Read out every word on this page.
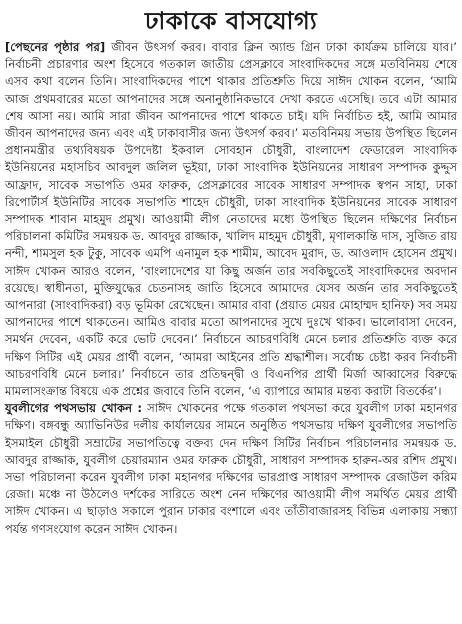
ঢাকাকে বাসযোগ্য

[পেছনের পৃষ্ঠার পর] জীবন উৎসর্গ করব। বাবার ক্লিন অ্যান্ড গ্রিন ঢাকা কার্যক্রম চালিয়ে যাব।’ নির্বাচনী প্রচারণার অংশ হিসেবে গতকাল জাতীয় প্রেসক্লাবে সাংবাদিকদের সঙ্গে মতবিনিময় শেষে এসব কথা বলেন তিনি। সাংবাদিকদের পাশে থাকার প্রতিশ্রুতি দিয়ে সাঈদ খোকন বলেন, ‘আমি আজ প্রথমবারের মতো আপনাদের সঙ্গে অনানুষ্ঠানিকভাবে দেখা করতে এসেছি। তবে এটা আমার শেষ আসা নয়। আমি সারা জীবন আপনাদের পাশে থাকতে চাই। যদি নির্বাচিত হই, আমি আমার জীবন আপনাদের জন্য এবং এই ঢাকাবাসীর জন্য উৎসর্গ করব।’ মতবিনিময় সভায় উপস্থিত ছিলেন প্রধানমন্ত্রীর তথ্যবিষয়ক উপদেষ্টা ইকবাল সোবহান চৌধুরী, বাংলাদেশ ফেডারেল সাংবাদিক ইউনিয়নের মহাসচিব আবদুল জলিল ভূইয়া, ঢাকা সাংবাদিক ইউনিয়নের সাধারণ সম্পাদক কুদ্দুস আফ্রাদ, সাবেক সভাপতি ওমর ফারুক, প্রেসক্লাবের সাবেক সাধারণ সম্পাদক স্বপন সাহা, ঢাকা রিপোর্টার্স ইউনিটির সাবেক সভাপতি শাহেদ চৌধুরী, ঢাকা সাংবাদিক ইউনিয়নের সাবেক সাধারণ সম্পাদক শাবান মাহমুদ প্রমুখ। আওয়ামী লীগ নেতাদের মধ্যে উপস্থিত ছিলেন দক্ষিণের নির্বাচন পরিচালনা কমিটির সমন্বয়ক ড. আবদুর রাজ্জাক, খালিদ মাহমুদ চৌধুরী, মৃণালকান্তি দাস, সুজিত রায় নন্দী, শামসুল হক টুকু, সাবেক এমপি এনামুল হক শামীম, আবেদ মুরাদ, ড. আওলাদ হোসেন প্রমুখ। সাঈদ খোকন আরও বলেন, ‘বাংলাদেশের যা কিছু অর্জন তার সবকিছুতেই সাংবাদিকদের অবদান রয়েছে। স্বাধীনতা, মুক্তিযুদ্ধের চেতনাসহ জাতি হিসেবে আমাদের যেসব অর্জন তার সবকিছুতেই আপনারা (সাংবাদিকরা) বড় ভূমিকা রেখেছেন। আমার বাবা (প্রয়াত মেয়র মোহাম্মদ হানিফ) সব সময় আপনাদের পাশে থাকতেন। আমিও বাবার মতো আপনাদের সুখে দুঃখে থাকব। ভালোবাসা দেবেন, সমর্থন দেবেন, একটি করে ভোট দেবেন।’ নির্বাচনে আচরণবিধি মেনে চলার প্রতিশ্রুতি ব্যক্ত করে দক্ষিণ সিটির এই মেয়র প্রার্থী বলেন, ‘আমরা আইনের প্রতি শ্রদ্ধাশীল। সর্বোচ্চ চেষ্টা করব নির্বাচনী আচরণবিধি মেনে চলার।’ নির্বাচনে তার প্রতিদ্বন্দ্বী ও বিএনপির প্রার্থী মির্জা আব্বাসের বিরুদ্ধে মামলাসংক্রান্ত বিষয়ে এক প্রশ্নের জবাবে তিনি বলেন, ‘এ ব্যাপারে আমার মন্তব্য করাটা বিতর্কের’।

যুবলীগের পথসভায় খোকন : সাঈদ খোকনের পক্ষে গতকাল পথসভা করে যুবলীগ ঢাকা মহানগর দক্ষিণ। বঙ্গবন্ধু অ্যাভিনিউর দলীয় কার্যালয়ের সামনে অনুষ্ঠিত পথসভায় দক্ষিণ যুবলীগের সভাপতি ইসমাইল চৌধুরী সম্রাটের সভাপতিত্বে বক্তব্য দেন দক্ষিণ সিটির নির্বাচন পরিচালনার সমন্বয়ক ড. আবদুর রাজ্জাক, যুবলীগ চেয়ারম্যান ওমর ফারুক চৌধুরী, সাধারণ সম্পাদক হারুন-অর রশিদ প্রমুখ। সভা পরিচালনা করেন যুবলীগ ঢাকা মহানগর দক্ষিণের ভারপ্রাপ্ত সাধারণ সম্পাদক রেজাউল করিম রেজা। মঞ্চে না উঠলেও দর্শকের সারিতে অংশ নেন দক্ষিণের আওয়ামী লীগ সমর্থিত মেয়র প্রার্থী সাঈদ খোকন। এ ছাড়াও সকালে পুরান ঢাকার বংশালে এবং তাঁতীবাজারসহ বিভিন্ন এলাকায় সন্ধ্যা পর্যন্ত গণসংযোগ করেন সাঈদ খোকন।
